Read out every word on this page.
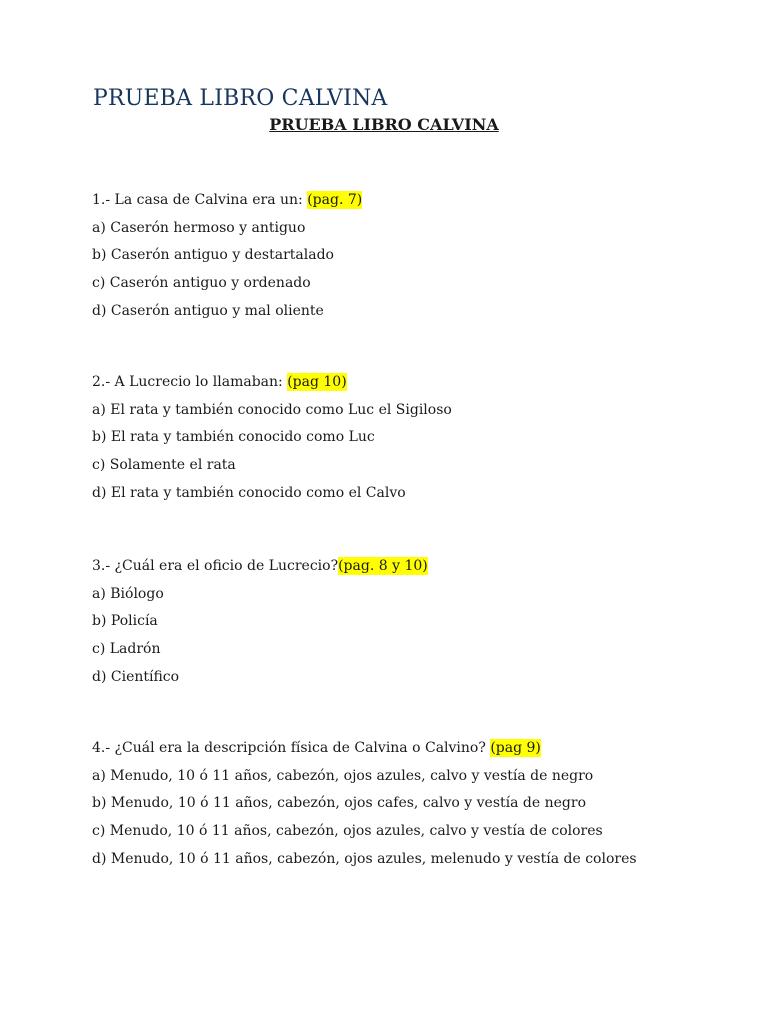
PRUEBA LIBRO CALVINA
PRUEBA LIBRO CALVINA
1.- La casa de Calvina era un: (pag. 7)
a) Caserón hermoso y antiguo
b) Caserón antiguo y destartalado
c) Caserón antiguo y ordenado
d) Caserón antiguo y mal oliente
2.- A Lucrecio lo llamaban: (pag 10)
a) El rata y también conocido como Luc el Sigiloso
b) El rata y también conocido como Luc
c) Solamente el rata
d) El rata y también conocido como el Calvo
3.- ¿Cuál era el oficio de Lucrecio?(pag. 8 y 10)
a) Biólogo
b) Policía
c) Ladrón
d) Científico
4.- ¿Cuál era la descripción física de Calvina o Calvino? (pag 9)
a) Menudo, 10 ó 11 años, cabezón, ojos azules, calvo y vestía de negro
b) Menudo, 10 ó 11 años, cabezón, ojos cafes, calvo y vestía de negro
c) Menudo, 10 ó 11 años, cabezón, ojos azules, calvo y vestía de colores
d) Menudo, 10 ó 11 años, cabezón, ojos azules, melenudo y vestía de colores
